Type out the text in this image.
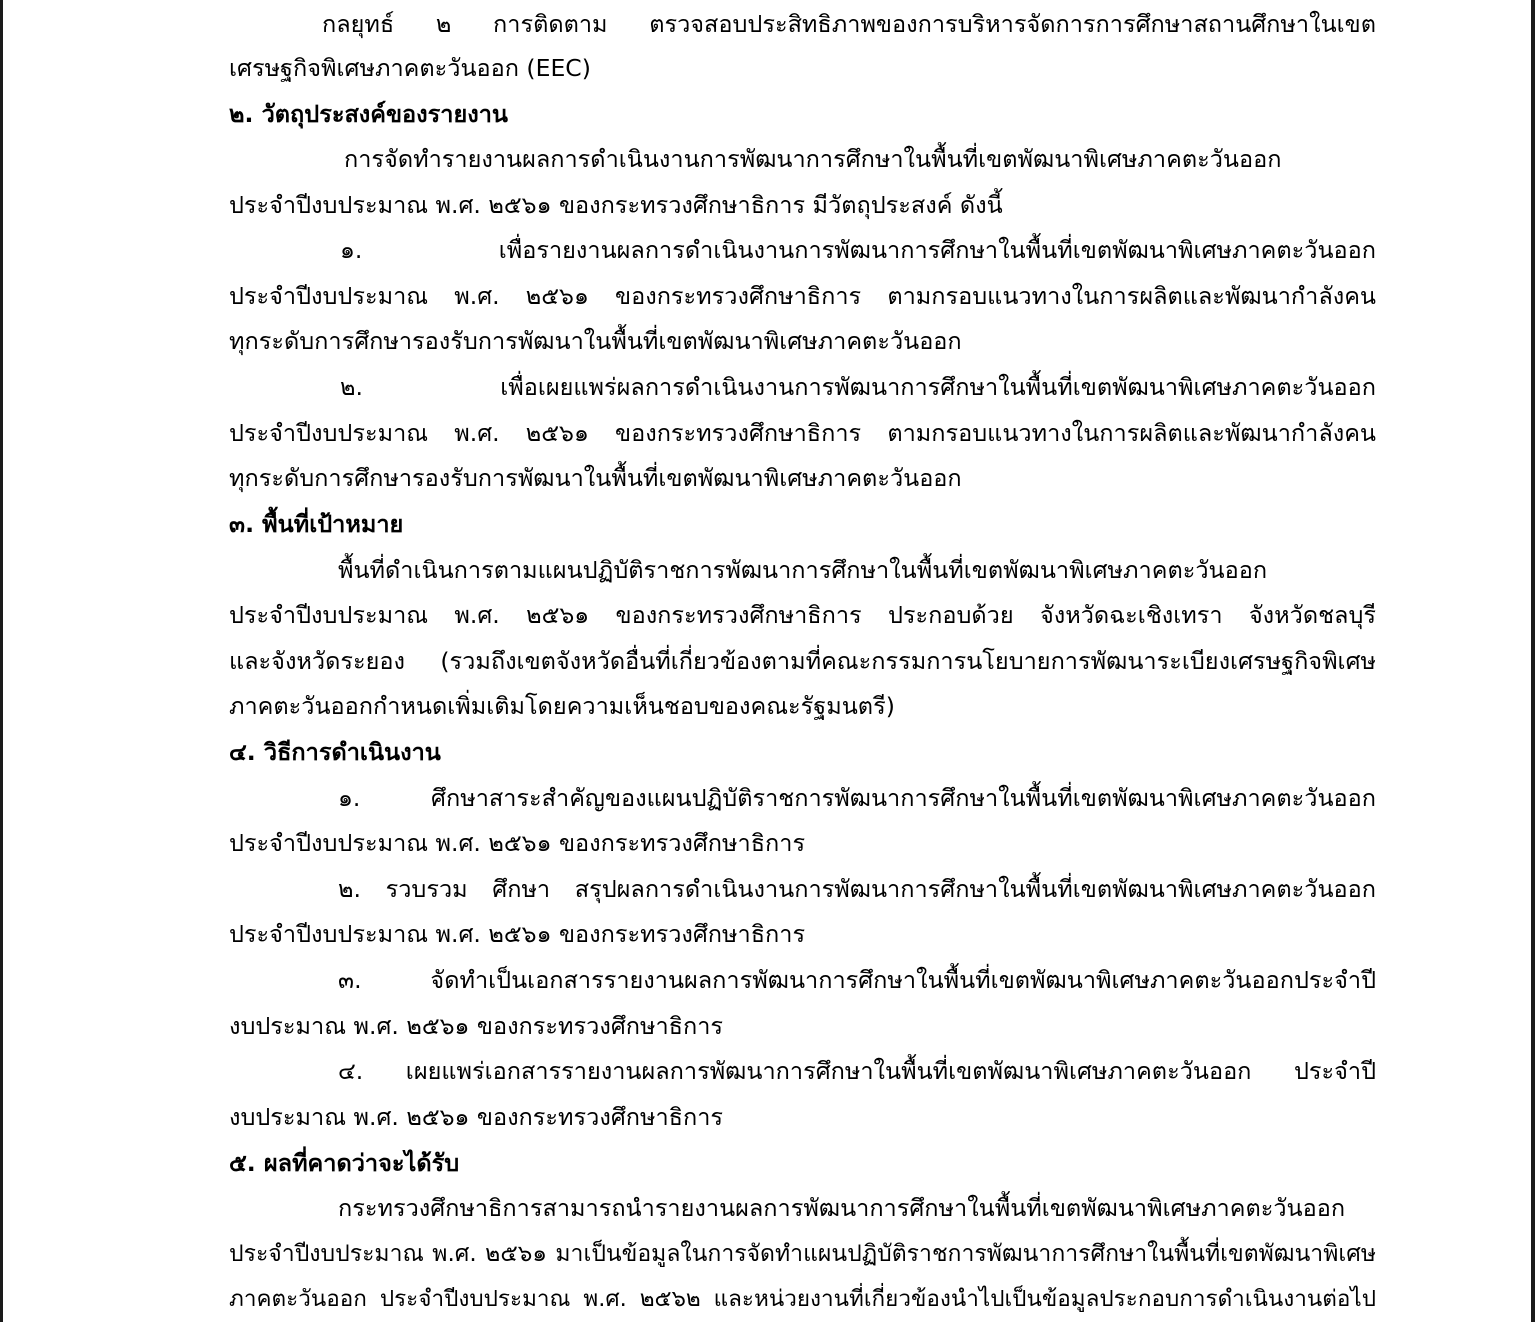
กลยุทธ์ ๒ การติดตาม ตรวจสอบประสิทธิภาพของการบริหารจัดการการศึกษาสถานศึกษาในเขต
เศรษฐกิจพิเศษภาคตะวันออก (EEC)
๒. วัตถุประสงค์ของรายงาน
การจัดทำรายงานผลการดำเนินงานการพัฒนาการศึกษาในพื้นที่เขตพัฒนาพิเศษภาคตะวันออก
ประจำปีงบประมาณ พ.ศ. ๒๕๖๑ ของกระทรวงศึกษาธิการ มีวัตถุประสงค์ ดังนี้
๑. เพื่อรายงานผลการดำเนินงานการพัฒนาการศึกษาในพื้นที่เขตพัฒนาพิเศษภาคตะวันออก
ประจำปีงบประมาณ พ.ศ. ๒๕๖๑ ของกระทรวงศึกษาธิการ ตามกรอบแนวทางในการผลิตและพัฒนากำลังคน
ทุกระดับการศึกษารองรับการพัฒนาในพื้นที่เขตพัฒนาพิเศษภาคตะวันออก
๒. เพื่อเผยแพร่ผลการดำเนินงานการพัฒนาการศึกษาในพื้นที่เขตพัฒนาพิเศษภาคตะวันออก
ประจำปีงบประมาณ พ.ศ. ๒๕๖๑ ของกระทรวงศึกษาธิการ ตามกรอบแนวทางในการผลิตและพัฒนากำลังคน
ทุกระดับการศึกษารองรับการพัฒนาในพื้นที่เขตพัฒนาพิเศษภาคตะวันออก
๓. พื้นที่เป้าหมาย
พื้นที่ดำเนินการตามแผนปฏิบัติราชการพัฒนาการศึกษาในพื้นที่เขตพัฒนาพิเศษภาคตะวันออก
ประจำปีงบประมาณ พ.ศ. ๒๕๖๑ ของกระทรวงศึกษาธิการ ประกอบด้วย จังหวัดฉะเชิงเทรา จังหวัดชลบุรี
และจังหวัดระยอง (รวมถึงเขตจังหวัดอื่นที่เกี่ยวข้องตามที่คณะกรรมการนโยบายการพัฒนาระเบียงเศรษฐกิจพิเศษ
ภาคตะวันออกกำหนดเพิ่มเติมโดยความเห็นชอบของคณะรัฐมนตรี)
๔. วิธีการดำเนินงาน
๑. ศึกษาสาระสำคัญของแผนปฏิบัติราชการพัฒนาการศึกษาในพื้นที่เขตพัฒนาพิเศษภาคตะวันออก
ประจำปีงบประมาณ พ.ศ. ๒๕๖๑ ของกระทรวงศึกษาธิการ
๒. รวบรวม ศึกษา สรุปผลการดำเนินงานการพัฒนาการศึกษาในพื้นที่เขตพัฒนาพิเศษภาคตะวันออก
ประจำปีงบประมาณ พ.ศ. ๒๕๖๑ ของกระทรวงศึกษาธิการ
๓. จัดทำเป็นเอกสารรายงานผลการพัฒนาการศึกษาในพื้นที่เขตพัฒนาพิเศษภาคตะวันออกประจำปี
งบประมาณ พ.ศ. ๒๕๖๑ ของกระทรวงศึกษาธิการ
๔. เผยแพร่เอกสารรายงานผลการพัฒนาการศึกษาในพื้นที่เขตพัฒนาพิเศษภาคตะวันออก ประจำปี
งบประมาณ พ.ศ. ๒๕๖๑ ของกระทรวงศึกษาธิการ
๕. ผลที่คาดว่าจะได้รับ
กระทรวงศึกษาธิการสามารถนำรายงานผลการพัฒนาการศึกษาในพื้นที่เขตพัฒนาพิเศษภาคตะวันออก
ประจำปีงบประมาณ พ.ศ. ๒๕๖๑ มาเป็นข้อมูลในการจัดทำแผนปฏิบัติราชการพัฒนาการศึกษาในพื้นที่เขตพัฒนาพิเศษ
ภาคตะวันออก ประจำปีงบประมาณ พ.ศ. ๒๕๖๒ และหน่วยงานที่เกี่ยวข้องนำไปเป็นข้อมูลประกอบการดำเนินงานต่อไป
